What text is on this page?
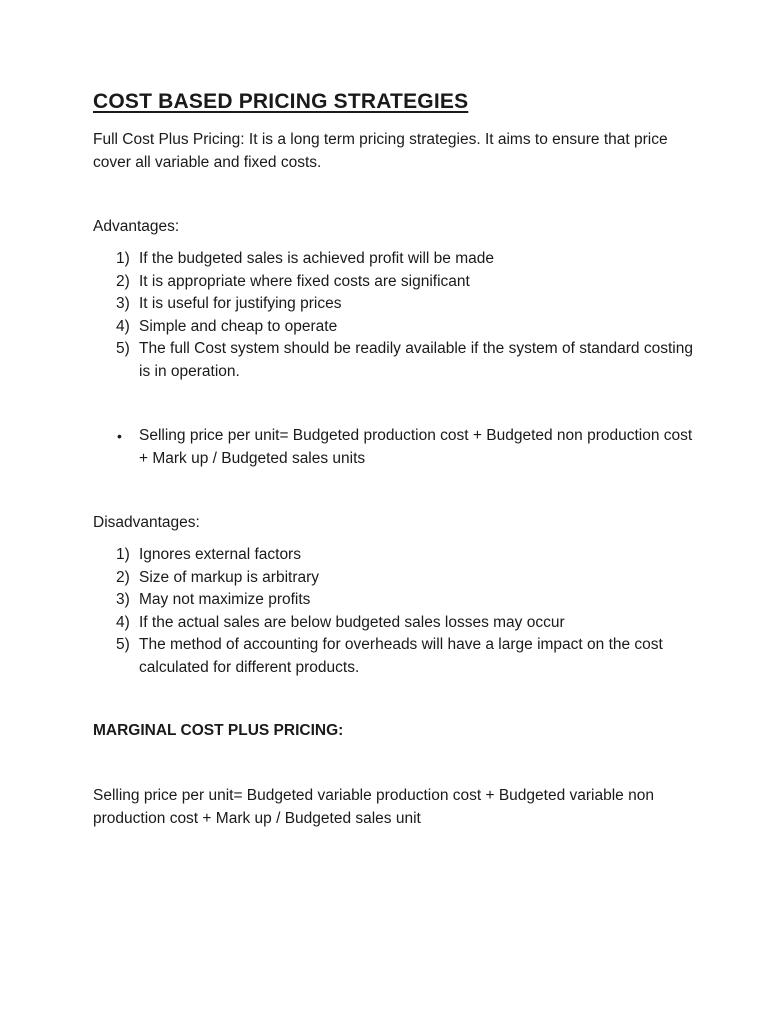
COST BASED PRICING STRATEGIES

Full Cost Plus Pricing: It is a long term pricing strategies. It aims to ensure that price cover all variable and fixed costs.

Advantages:

1) If the budgeted sales is achieved profit will be made
2) It is appropriate where fixed costs are significant
3) It is useful for justifying prices
4) Simple and cheap to operate
5) The full Cost system should be readily available if the system of standard costing is in operation.
• Selling price per unit= Budgeted production cost + Budgeted non production cost + Mark up / Budgeted sales units

Disadvantages:

1) Ignores external factors
2) Size of markup is arbitrary
3) May not maximize profits
4) If the actual sales are below budgeted sales losses may occur
5) The method of accounting for overheads will have a large impact on the cost calculated for different products.

MARGINAL COST PLUS PRICING:

Selling price per unit= Budgeted variable production cost + Budgeted variable non production cost + Mark up / Budgeted sales unit
